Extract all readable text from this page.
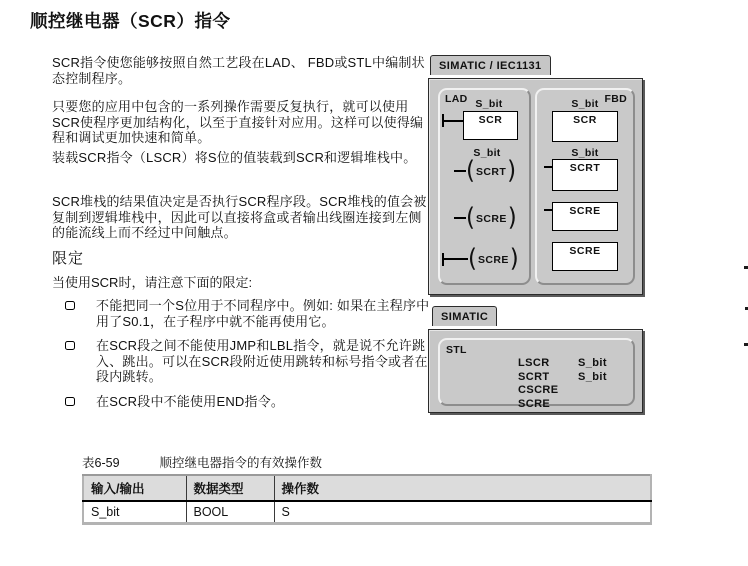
顺控继电器（SCR）指令
SCR指令使您能够按照自然工艺段在LAD、 FBD或STL中编制状态控制程序。
只要您的应用中包含的一系列操作需要反复执行，就可以使用SCR使程序更加结构化，以至于直接针对应用。这样可以使得编程和调试更加快速和简单。
装载SCR指令（LSCR）将S位的值装载到SCR和逻辑堆栈中。
SCR堆栈的结果值决定是否执行SCR程序段。SCR堆栈的值会被复制到逻辑堆栈中，因此可以直接将盒或者输出线圈连接到左侧的能流线上而不经过中间触点。
限定
当使用SCR时，请注意下面的限定:
不能把同一个S位用于不同程序中。例如: 如果在主程序中用了S0.1，在子程序中就不能再使用它。
在SCR段之间不能使用JMP和LBL指令，就是说不允许跳入、跳出。可以在SCR段附近使用跳转和标号指令或者在段内跳转。
在SCR段中不能使用END指令。
SIMATIC / IEC1131
LAD S_bit
SCR
S_bit
( SCRT )
( SCRE )
( SCRE )
FBD
S_bit
SCR
S_bit
SCRT
SCRE
SCRE
SIMATIC
STL
LSCR	S_bit
SCRT	S_bit
CSCRE
SCRE
表6-59	顺控继电器指令的有效操作数
输入/输出	数据类型	操作数
S_bit	BOOL	S
